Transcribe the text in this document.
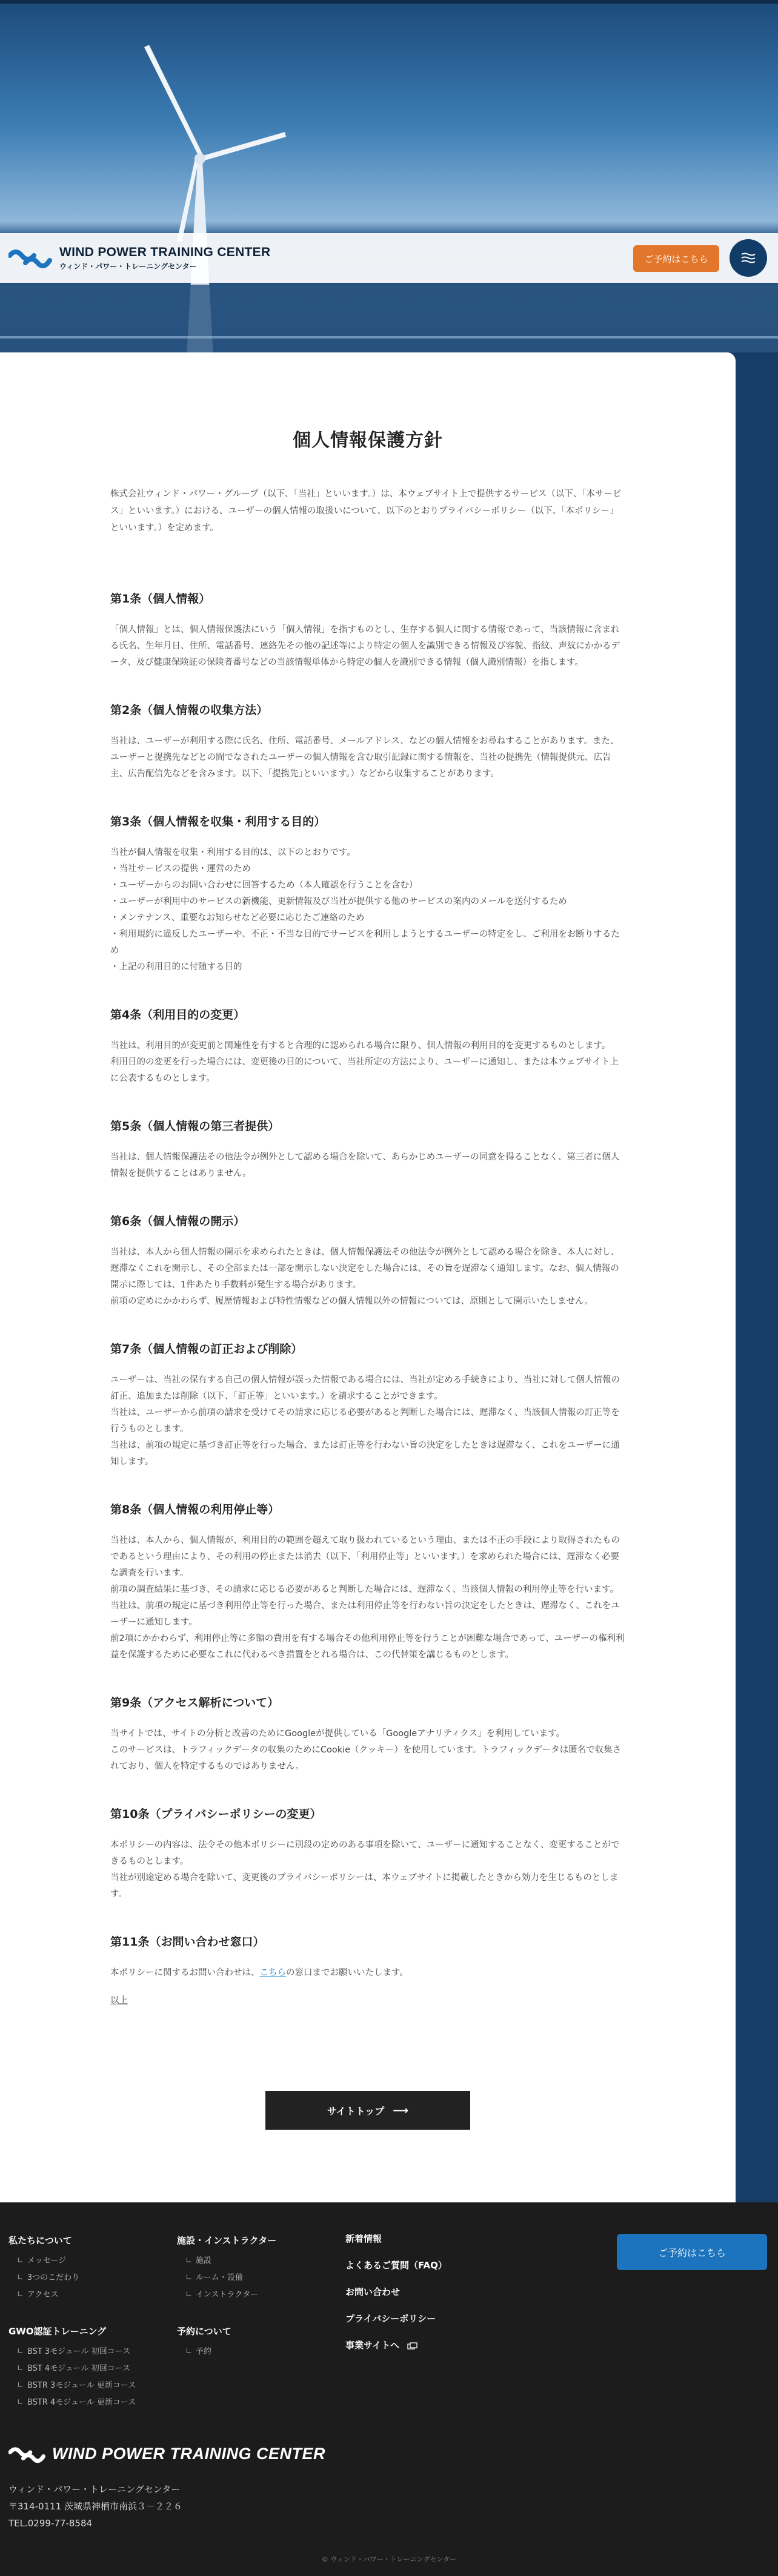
WIND POWER TRAINING CENTER
ウィンド・パワー・トレーニングセンター
ご予約はこちら
個人情報保護方針

株式会社ウィンド・パワー・グループ（以下、「当社」といいます。）は、本ウェブサイト上で提供するサービス（以下、「本サービス」といいます。）における、ユーザーの個人情報の取扱いについて、以下のとおりプライバシーポリシー（以下、「本ポリシー」といいます。）を定めます。

第1条（個人情報）

「個人情報」とは、個人情報保護法にいう「個人情報」を指すものとし、生存する個人に関する情報であって、当該情報に含まれる氏名、生年月日、住所、電話番号、連絡先その他の記述等により特定の個人を識別できる情報及び容貌、指紋、声紋にかかるデータ、及び健康保険証の保険者番号などの当該情報単体から特定の個人を識別できる情報（個人識別情報）を指します。

第2条（個人情報の収集方法）

当社は、ユーザーが利用する際に氏名、住所、電話番号、メールアドレス、などの個人情報をお尋ねすることがあります。また、ユーザーと提携先などとの間でなされたユーザーの個人情報を含む取引記録に関する情報を、当社の提携先（情報提供元、広告主、広告配信先などを含みます。以下、｢提携先｣といいます。）などから収集することがあります。

第3条（個人情報を収集・利用する目的）

当社が個人情報を収集・利用する目的は、以下のとおりです。

・当社サービスの提供・運営のため

・ユーザーからのお問い合わせに回答するため（本人確認を行うことを含む）

・ユーザーが利用中のサービスの新機能、更新情報及び当社が提供する他のサービスの案内のメールを送付するため

・メンテナンス、重要なお知らせなど必要に応じたご連絡のため

・利用規約に違反したユーザーや、不正・不当な目的でサービスを利用しようとするユーザーの特定をし、ご利用をお断りするため

・上記の利用目的に付随する目的

第4条（利用目的の変更）

当社は、利用目的が変更前と関連性を有すると合理的に認められる場合に限り、個人情報の利用目的を変更するものとします。

利用目的の変更を行った場合には、変更後の目的について、当社所定の方法により、ユーザーに通知し、または本ウェブサイト上に公表するものとします。

第5条（個人情報の第三者提供）

当社は、個人情報保護法その他法令が例外として認める場合を除いて、あらかじめユーザーの同意を得ることなく、第三者に個人情報を提供することはありません。

第6条（個人情報の開示）

当社は、本人から個人情報の開示を求められたときは、個人情報保護法その他法令が例外として認める場合を除き、本人に対し、遅滞なくこれを開示し、その全部または一部を開示しない決定をした場合には、その旨を遅滞なく通知します。なお、個人情報の開示に際しては、1件あたり手数料が発生する場合があります。

前項の定めにかかわらず、履歴情報および特性情報などの個人情報以外の情報については、原則として開示いたしません。

第7条（個人情報の訂正および削除）

ユーザーは、当社の保有する自己の個人情報が誤った情報である場合には、当社が定める手続きにより、当社に対して個人情報の訂正、追加または削除（以下、「訂正等」といいます。）を請求することができます。

当社は、ユーザーから前項の請求を受けてその請求に応じる必要があると判断した場合には、遅滞なく、当該個人情報の訂正等を行うものとします。

当社は、前項の規定に基づき訂正等を行った場合、または訂正等を行わない旨の決定をしたときは遅滞なく、これをユーザーに通知します。

第8条（個人情報の利用停止等）

当社は、本人から、個人情報が、利用目的の範囲を超えて取り扱われているという理由、または不正の手段により取得されたものであるという理由により、その利用の停止または消去（以下、「利用停止等」といいます。）を求められた場合には、遅滞なく必要な調査を行います。

前項の調査結果に基づき、その請求に応じる必要があると判断した場合には、遅滞なく、当該個人情報の利用停止等を行います。

当社は、前項の規定に基づき利用停止等を行った場合、または利用停止等を行わない旨の決定をしたときは、遅滞なく、これをユーザーに通知します。

前2項にかかわらず、利用停止等に多額の費用を有する場合その他利用停止等を行うことが困難な場合であって、ユーザーの権利利益を保護するために必要なこれに代わるべき措置をとれる場合は、この代替策を講じるものとします。

第9条（アクセス解析について）

当サイトでは、サイトの分析と改善のためにGoogleが提供している「Googleアナリティクス」を利用しています。

このサービスは、トラフィックデータの収集のためにCookie（クッキー）を使用しています。トラフィックデータは匿名で収集されており、個人を特定するものではありません。

第10条（プライバシーポリシーの変更）

本ポリシーの内容は、法令その他本ポリシーに別段の定めのある事項を除いて、ユーザーに通知することなく、変更することができるものとします。

当社が別途定める場合を除いて、変更後のプライバシーポリシーは、本ウェブサイトに掲載したときから効力を生じるものとします。

第11条（お問い合わせ窓口）

本ポリシーに関するお問い合わせは、こちらの窓口までお願いいたします。

以上
サイトトップ ⟶
私たちについて
∟ メッセージ
∟ 3つのこだわり
∟ アクセス
GWO認証トレーニング
∟ BST 3モジュール 初回コース
∟ BST 4モジュール 初回コース
∟ BSTR 3モジュール 更新コース
∟ BSTR 4モジュール 更新コース
施設・インストラクター
∟ 施設
∟ ルーム・設備
∟ インストラクター
予約について
∟ 予約
新着情報
よくあるご質問（FAQ）
お問い合わせ
プライバシーポリシー
事業サイトへ
ご予約はこちら
WIND POWER TRAINING CENTER
ウィンド・パワー・トレーニングセンター
〒314-0111 茨城県神栖市南浜３－２２６
TEL.0299-77-8584
© ウィンド・パワー・トレーニングセンター
